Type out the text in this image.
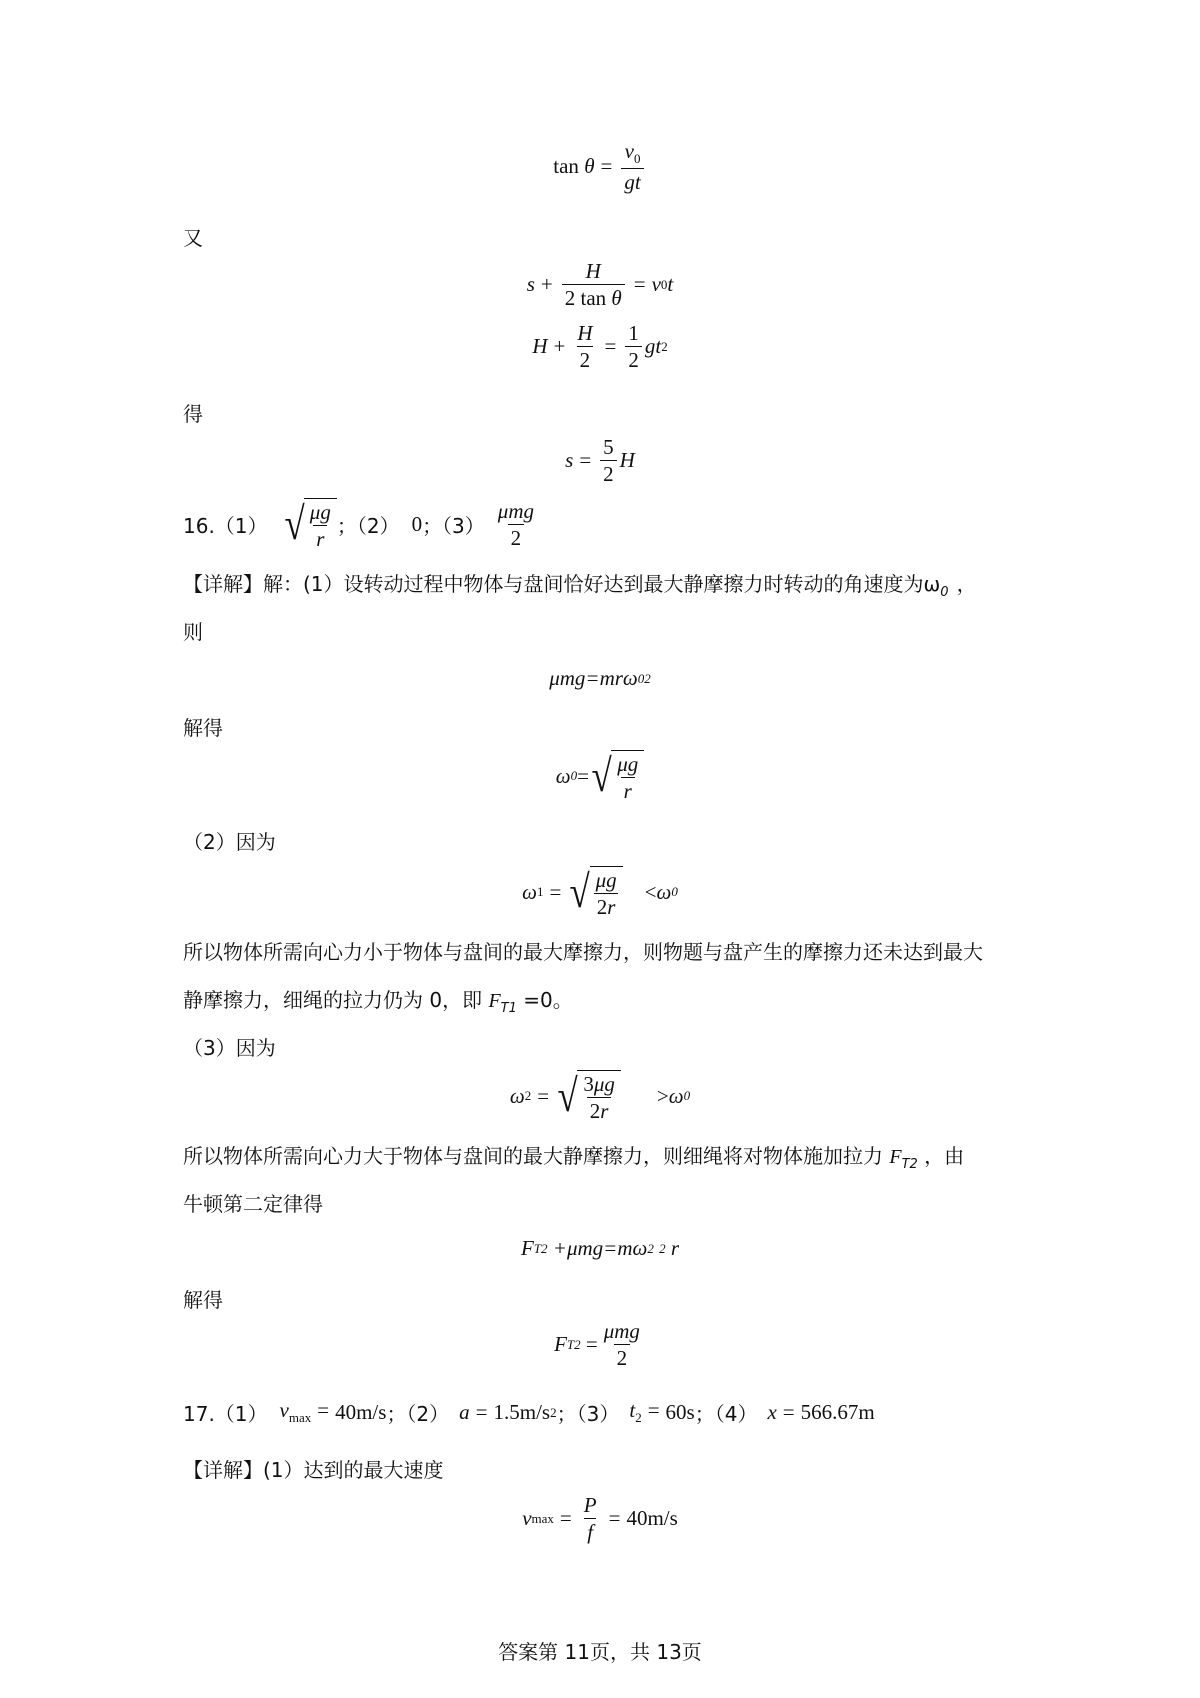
$\tan \theta = \frac{v_0}{gt}$
又
$s + \frac{H}{\text{2 tan θ}} = v$ 0 t
$H + \frac{H}{2} = \frac{1}{2}$ gt 2
得
$s = \frac{5}{2}$ H
16.（1） √ $\frac{\mu g}{r}$ ；（2） 0 ；$(3) \frac{\text{μmg}}{2}$
【详解】解：(1）设转动过程中物体与盘间恰好达到最大静摩擦力时转动的角速度为$\omega_0$ ，
则
μmg=mrω 0 2
解得
ω 0 = √ $\frac{\mu g}{r}$
（2）因为
ω 1 = √ $\frac{\mu g}{2r} < \omega$ 0
所以物体所需向心力小于物体与盘间的最大摩擦力，则物题与盘产生的摩擦力还未达到最大
静摩擦力，细绳的拉力仍为 0，即 $F_{T1} =0$。
（3）因为
ω 2 = √ $\frac{3\mu g}{2r} > \omega$ 0
所以物体所需向心力大于物体与盘间的最大静摩擦力，则细绳将对物体施加拉力 $F_{T2}$ ，由
牛顿第二定律得
F T2 +μmg=mω 2
2 r
解得
F $T2 = \frac{\text{μmg}}{2}$
17.（1） $v_{max} = 40m/s$ ；（2） a = 1.5m/s 2 ；（3） $t_2 = 60s$ ；（4） x = 566.67m
【详解】(1）达到的最大速度
v $\max = \frac{P}{f} = 40m/s$
答案第 11页，共 13页
